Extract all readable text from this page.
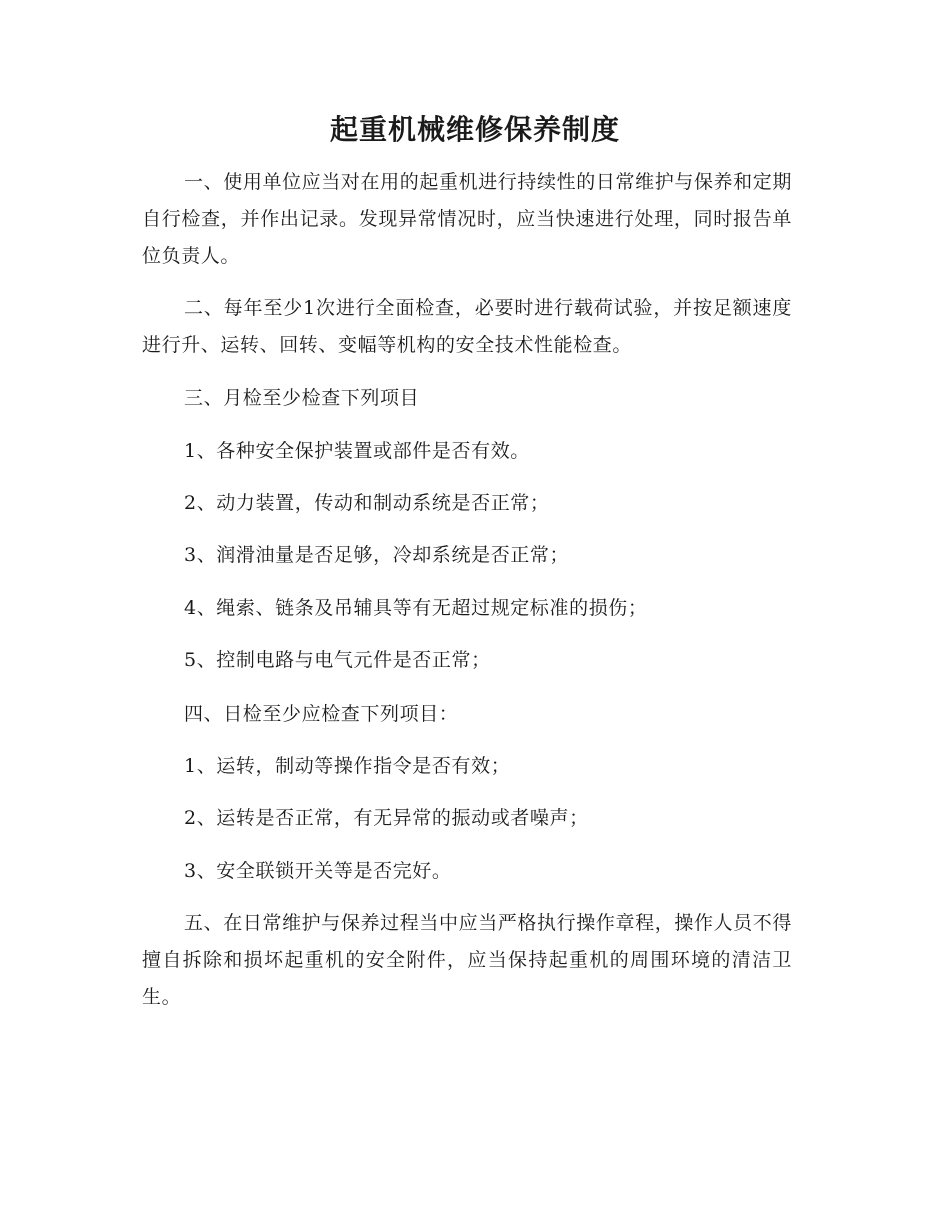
起重机械维修保养制度

一、使用单位应当对在用的起重机进行持续性的日常维护与保养和定期自行检查，并作出记录。发现异常情况时，应当快速进行处理，同时报告单位负责人。

二、每年至少1次进行全面检查，必要时进行载荷试验，并按足额速度进行升、运转、回转、变幅等机构的安全技术性能检查。

三、月检至少检查下列项目

1、各种安全保护装置或部件是否有效。
2、动力装置，传动和制动系统是否正常；
3、润滑油量是否足够，冷却系统是否正常；
4、绳索、链条及吊辅具等有无超过规定标准的损伤；
5、控制电路与电气元件是否正常；

四、日检至少应检查下列项目：

1、运转，制动等操作指令是否有效；
2、运转是否正常，有无异常的振动或者噪声；
3、安全联锁开关等是否完好。

五、在日常维护与保养过程当中应当严格执行操作章程，操作人员不得擅自拆除和损坏起重机的安全附件，应当保持起重机的周围环境的清洁卫生。
